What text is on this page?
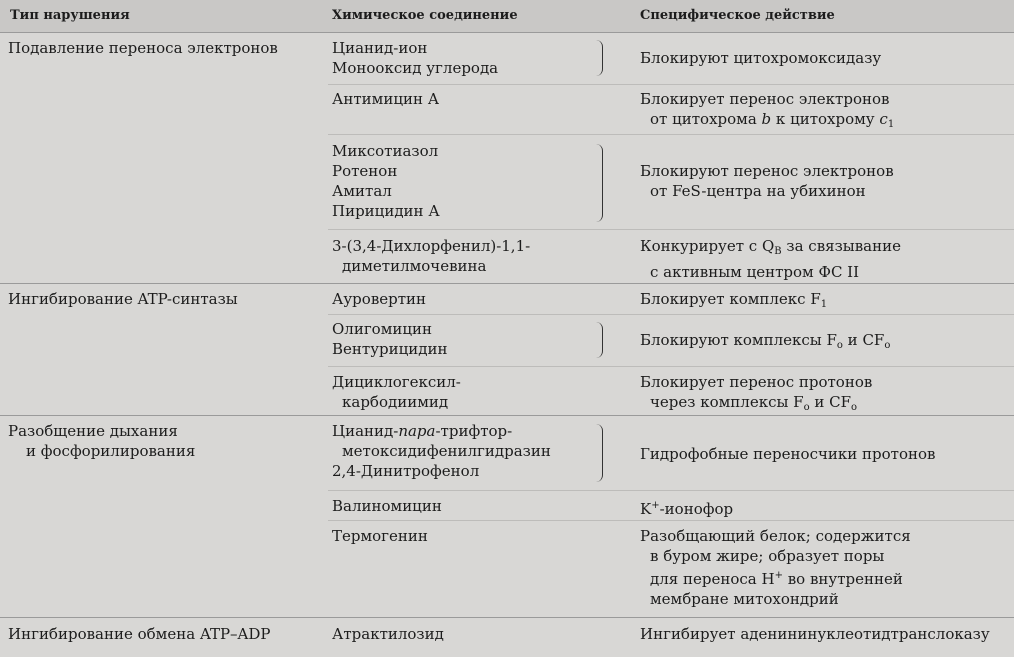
Тип нарушения	Химическое соединение	Специфическое действие
Подавление переноса электронов
Ингибирование ATP-синтазы
Разобщение дыхания
и фосфорилирования
Ингибирование обмена ATP–ADP
Цианид-ион
Монооксид углерода
Антимицин А
Миксотиазол
Ротенон
Амитал
Пирицидин А
3-(3,4-Дихлорфенил)-1,1-
диметилмочевина
Ауровертин
Олигомицин
Вентурицидин
Дициклогексил-
карбодиимид
Цианид-пара-трифтор-
метоксидифенилгидразин
2,4-Динитрофенол
Валиномицин
Термогенин
Атрактилозид
Блокируют цитохромоксидазу
Блокирует перенос электронов
от цитохрома b к цитохрому $c_1$
Блокируют перенос электронов
от FeS-центра на убихинон
Конкурирует с $Q_B$ за связывание
с активным центром ФС II
Блокирует комплекс $F_1$
Блокируют комплексы $F_o$ и $CF_o$
Блокирует перенос протонов
через комплексы $F_o$ и $CF_o$
Гидрофобные переносчики протонов
K+-ионофор
Разобщающий белок; содержится
в буром жире; образует поры
для переноса H+ во внутренней
мембране митохондрий
Ингибирует аденининуклеотидтранслоказу
